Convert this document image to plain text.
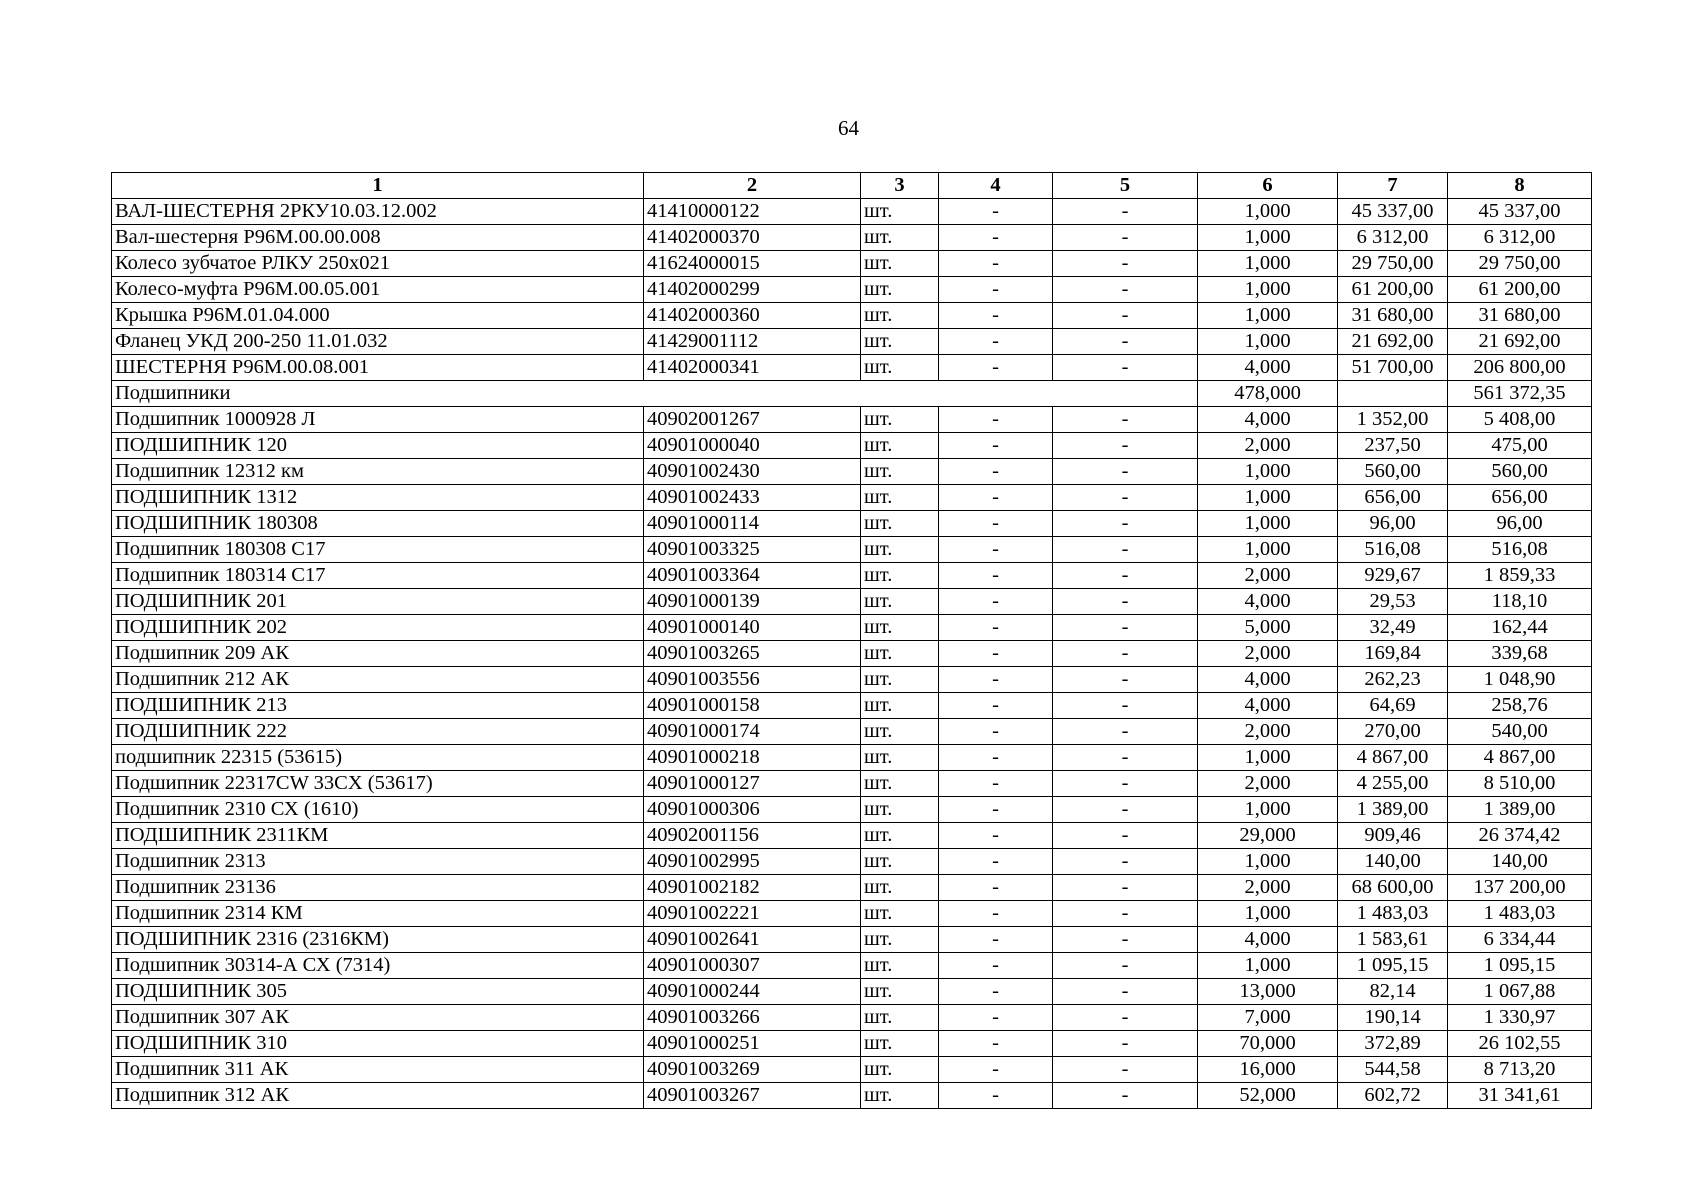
64
1	2	3	4	5	6	7	8
ВАЛ-ШЕСТЕРНЯ 2РКУ10.03.12.002	41410000122	шт.	-	-	1,000	45 337,00	45 337,00
Вал-шестерня Р96М.00.00.008	41402000370	шт.	-	-	1,000	6 312,00	6 312,00
Колесо зубчатое РЛКУ 250х021	41624000015	шт.	-	-	1,000	29 750,00	29 750,00
Колесо-муфта Р96М.00.05.001	41402000299	шт.	-	-	1,000	61 200,00	61 200,00
Крышка Р96М.01.04.000	41402000360	шт.	-	-	1,000	31 680,00	31 680,00
Фланец УКД 200-250 11.01.032	41429001112	шт.	-	-	1,000	21 692,00	21 692,00
ШЕСТЕРНЯ Р96М.00.08.001	41402000341	шт.	-	-	4,000	51 700,00	206 800,00
Подшипники					478,000		561 372,35
Подшипник 1000928 Л	40902001267	шт.	-	-	4,000	1 352,00	5 408,00
ПОДШИПНИК 120	40901000040	шт.	-	-	2,000	237,50	475,00
Подшипник 12312 км	40901002430	шт.	-	-	1,000	560,00	560,00
ПОДШИПНИК 1312	40901002433	шт.	-	-	1,000	656,00	656,00
ПОДШИПНИК 180308	40901000114	шт.	-	-	1,000	96,00	96,00
Подшипник 180308 С17	40901003325	шт.	-	-	1,000	516,08	516,08
Подшипник 180314 С17	40901003364	шт.	-	-	2,000	929,67	1 859,33
ПОДШИПНИК 201	40901000139	шт.	-	-	4,000	29,53	118,10
ПОДШИПНИК 202	40901000140	шт.	-	-	5,000	32,49	162,44
Подшипник 209 АК	40901003265	шт.	-	-	2,000	169,84	339,68
Подшипник 212 АК	40901003556	шт.	-	-	4,000	262,23	1 048,90
ПОДШИПНИК 213	40901000158	шт.	-	-	4,000	64,69	258,76
ПОДШИПНИК 222	40901000174	шт.	-	-	2,000	270,00	540,00
подшипник 22315 (53615)	40901000218	шт.	-	-	1,000	4 867,00	4 867,00
Подшипник 22317CW 33CX (53617)	40901000127	шт.	-	-	2,000	4 255,00	8 510,00
Подшипник 2310 СХ (1610)	40901000306	шт.	-	-	1,000	1 389,00	1 389,00
ПОДШИПНИК 2311КМ	40902001156	шт.	-	-	29,000	909,46	26 374,42
Подшипник 2313	40901002995	шт.	-	-	1,000	140,00	140,00
Подшипник 23136	40901002182	шт.	-	-	2,000	68 600,00	137 200,00
Подшипник 2314 КМ	40901002221	шт.	-	-	1,000	1 483,03	1 483,03
ПОДШИПНИК 2316 (2316КМ)	40901002641	шт.	-	-	4,000	1 583,61	6 334,44
Подшипник 30314-А СХ (7314)	40901000307	шт.	-	-	1,000	1 095,15	1 095,15
ПОДШИПНИК 305	40901000244	шт.	-	-	13,000	82,14	1 067,88
Подшипник 307 АК	40901003266	шт.	-	-	7,000	190,14	1 330,97
ПОДШИПНИК 310	40901000251	шт.	-	-	70,000	372,89	26 102,55
Подшипник 311 АК	40901003269	шт.	-	-	16,000	544,58	8 713,20
Подшипник 312 АК	40901003267	шт.	-	-	52,000	602,72	31 341,61
